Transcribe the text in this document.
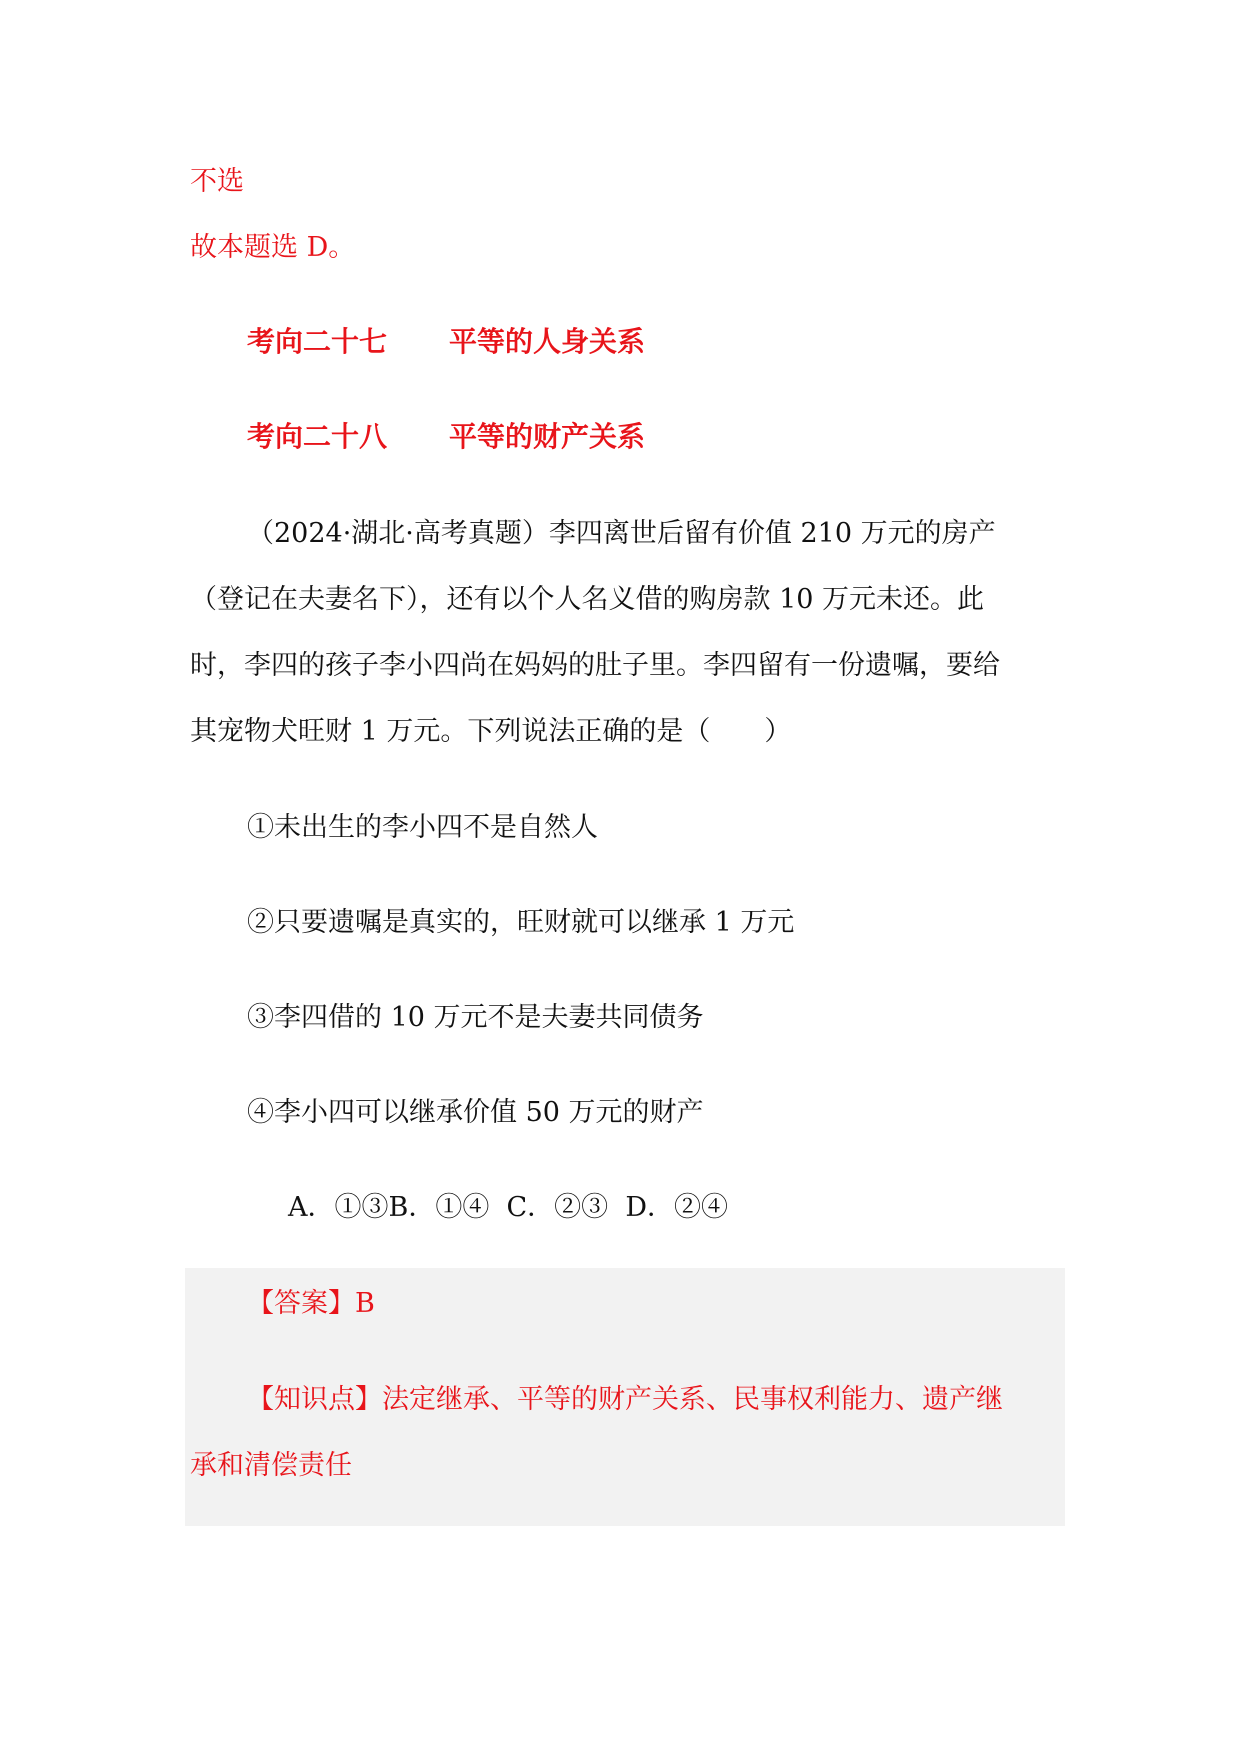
不选
故本题选 D。
考向二十七 平等的人身关系
考向二十八 平等的财产关系
（2024·湖北·高考真题）李四离世后留有价值 210 万元的房产
（登记在夫妻名下），还有以个人名义借的购房款 10 万元未还。此
时，李四的孩子李小四尚在妈妈的肚子里。李四留有一份遗嘱，要给
其宠物犬旺财 1 万元。下列说法正确的是（　　）
①未出生的李小四不是自然人
②只要遗嘱是真实的，旺财就可以继承 1 万元
③李四借的 10 万元不是夫妻共同债务
④李小四可以继承价值 50 万元的财产
A．①③B．①④  C．②③  D．②④
【答案】B
【知识点】法定继承、平等的财产关系、民事权利能力、遗产继
承和清偿责任
